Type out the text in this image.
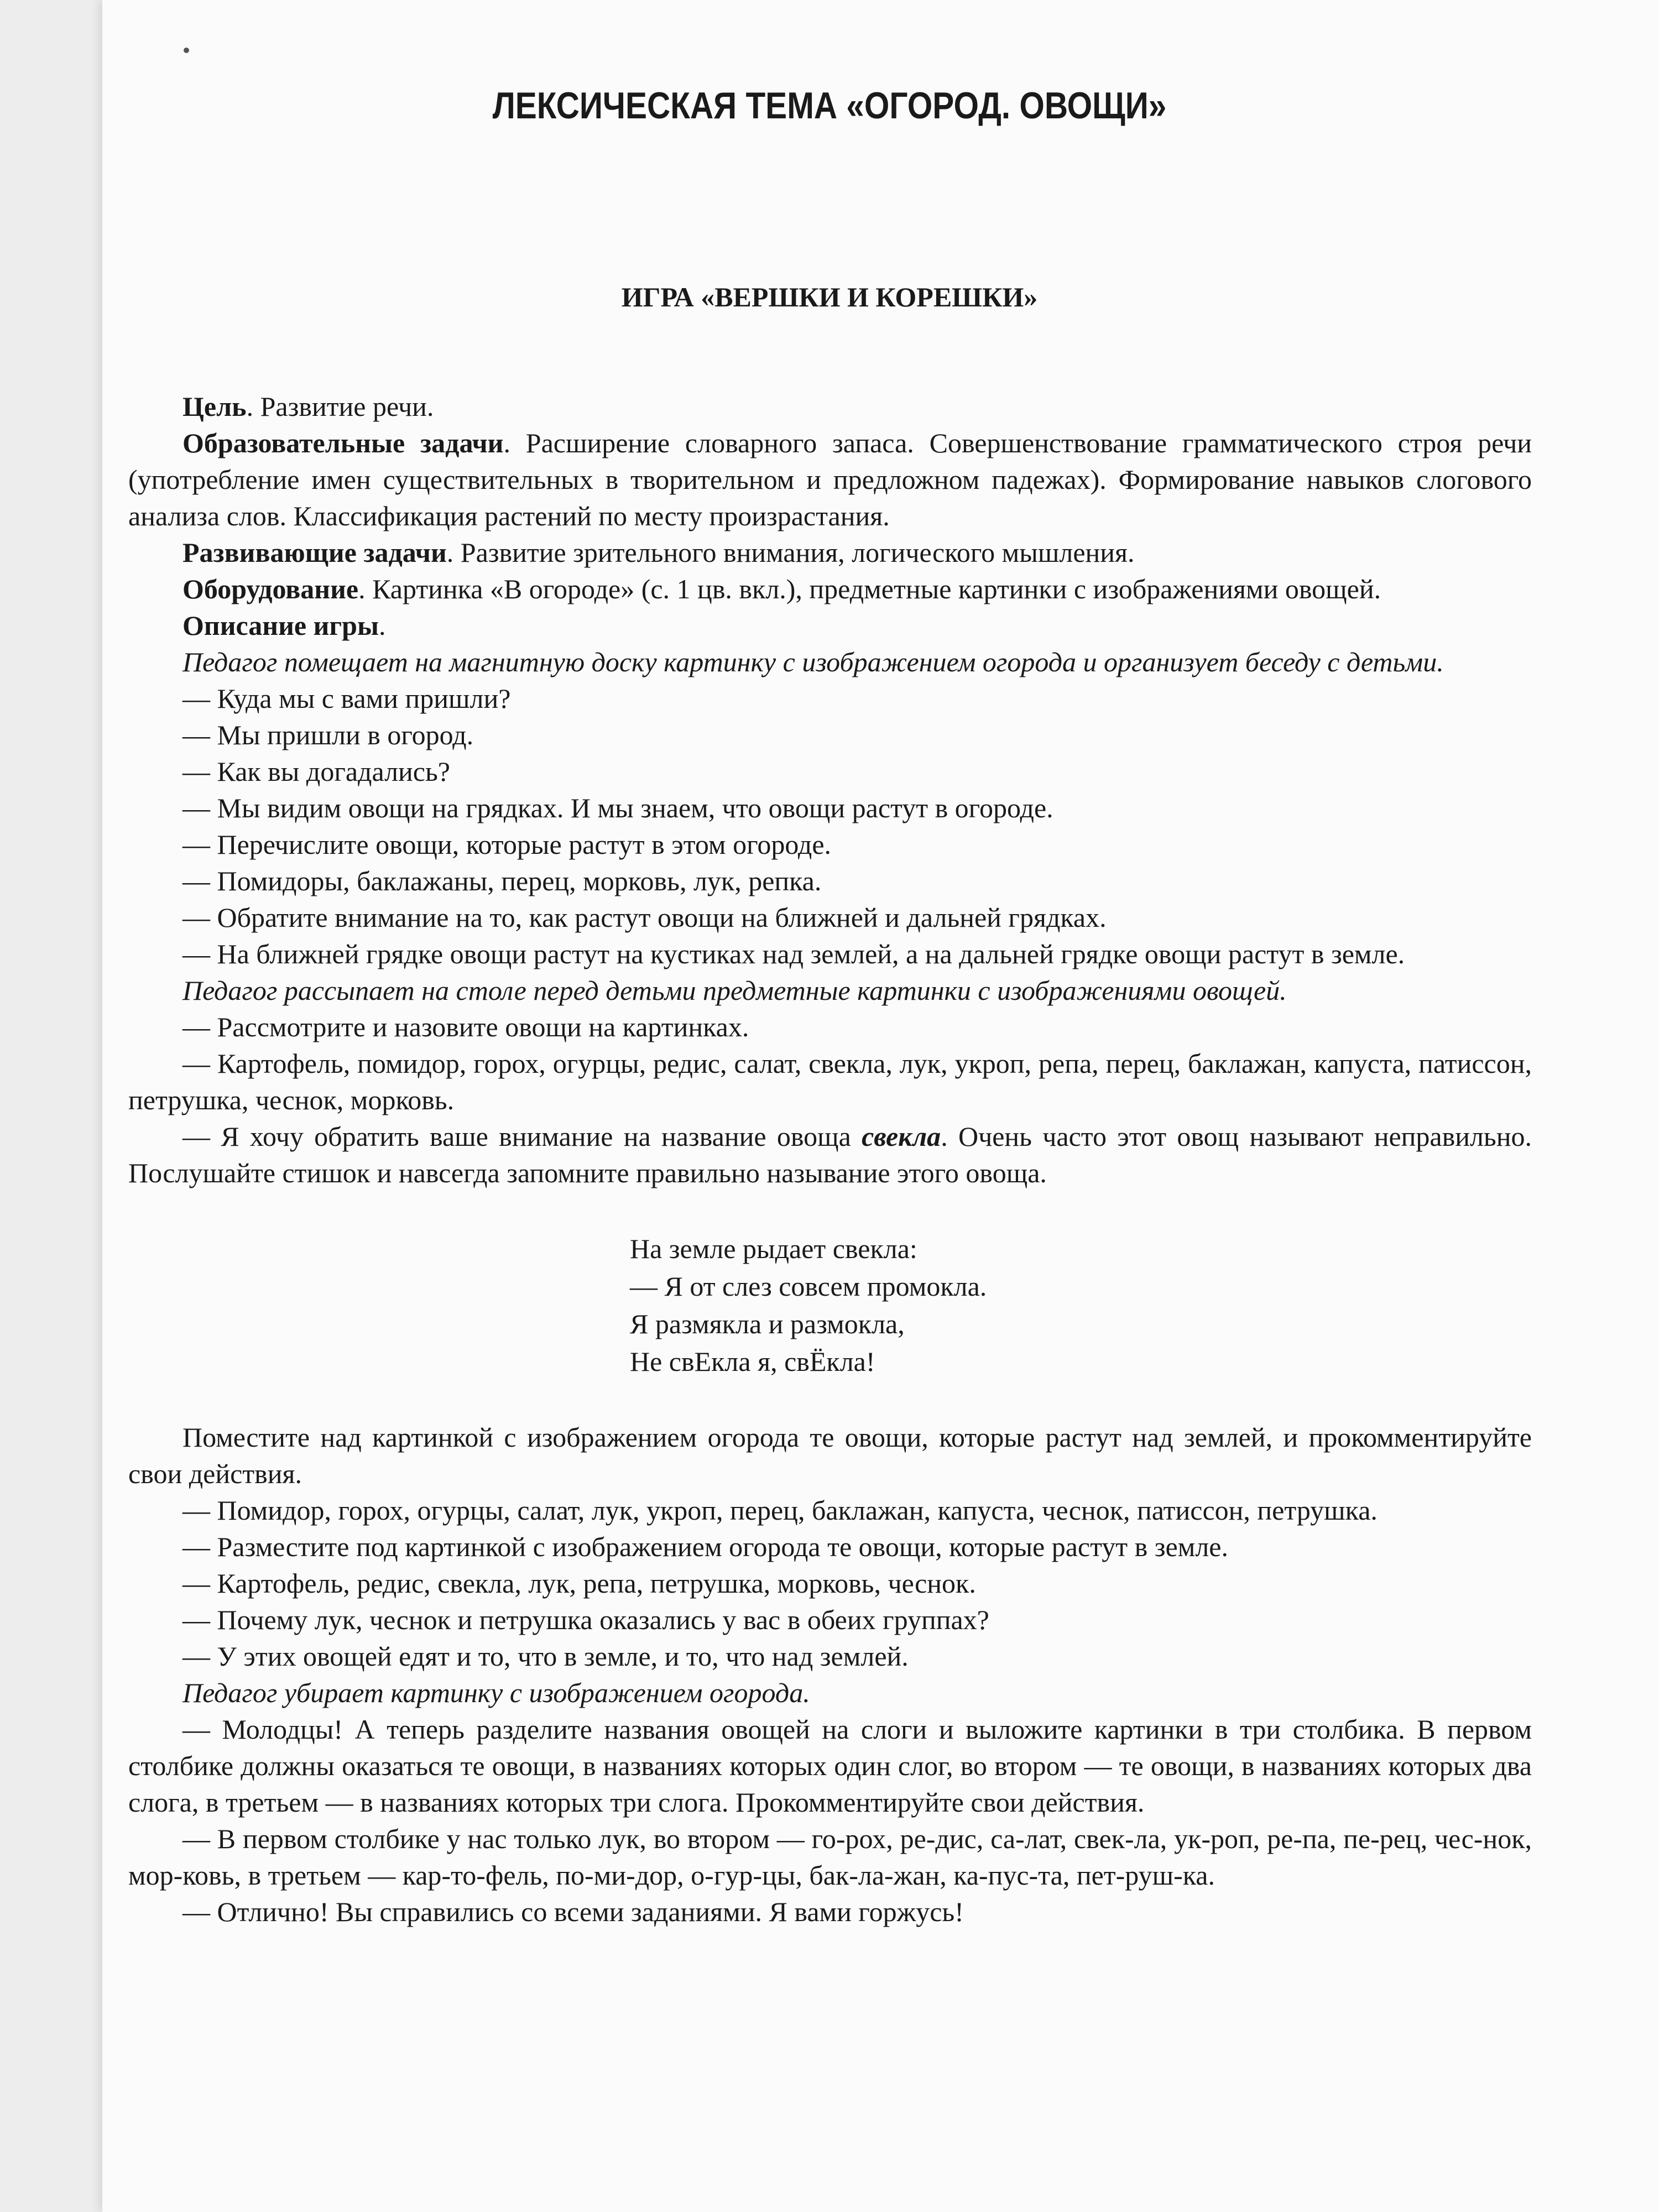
ЛЕКСИЧЕСКАЯ ТЕМА «ОГОРОД. ОВОЩИ»
ИГРА «ВЕРШКИ И КОРЕШКИ»

Цель. Развитие речи.

Образовательные задачи. Расширение словарного запаса. Совершенствование грамматического строя речи (употребление имен существительных в творительном и предложном падежах). Формирование навыков слогового анализа слов. Классификация растений по месту произрастания.

Развивающие задачи. Развитие зрительного внимания, логического мышления.

Оборудование. Картинка «В огороде» (с. 1 цв. вкл.), предметные картинки с изображениями овощей.

Описание игры.

Педагог помещает на магнитную доску картинку с изображением огорода и организует беседу с детьми.

— Куда мы с вами пришли?

— Мы пришли в огород.

— Как вы догадались?

— Мы видим овощи на грядках. И мы знаем, что овощи растут в огороде.

— Перечислите овощи, которые растут в этом огороде.

— Помидоры, баклажаны, перец, морковь, лук, репка.

— Обратите внимание на то, как растут овощи на ближней и дальней грядках.

— На ближней грядке овощи растут на кустиках над землей, а на дальней грядке овощи растут в земле.

Педагог рассыпает на столе перед детьми предметные картинки с изображениями овощей.

— Рассмотрите и назовите овощи на картинках.

— Картофель, помидор, горох, огурцы, редис, салат, свекла, лук, укроп, репа, перец, баклажан, капуста, патиссон, петрушка, чеснок, морковь.

— Я хочу обратить ваше внимание на название овоща свекла. Очень часто этот овощ называют неправильно. Послушайте стишок и навсегда запомните правильно называние этого овоща.

На земле рыдает свекла:
— Я от слез совсем промокла.
Я размякла и размокла,
Не свЕкла я, свЁкла!

Поместите над картинкой с изображением огорода те овощи, которые растут над землей, и прокомментируйте свои действия.

— Помидор, горох, огурцы, салат, лук, укроп, перец, баклажан, капуста, чеснок, патиссон, петрушка.

— Разместите под картинкой с изображением огорода те овощи, которые растут в земле.

— Картофель, редис, свекла, лук, репа, петрушка, морковь, чеснок.

— Почему лук, чеснок и петрушка оказались у вас в обеих группах?

— У этих овощей едят и то, что в земле, и то, что над землей.

Педагог убирает картинку с изображением огорода.

— Молодцы! А теперь разделите названия овощей на слоги и выложите картинки в три столбика. В первом столбике должны оказаться те овощи, в названиях которых один слог, во втором — те овощи, в названиях которых два слога, в третьем — в названиях которых три слога. Прокомментируйте свои действия.

— В первом столбике у нас только лук, во втором — го-рох, ре-дис, са-лат, свек-ла, ук-роп, ре-па, пе-рец, чес-нок, мор-ковь, в третьем — кар-то-фель, по-ми-дор, о-гур-цы, бак-ла-жан, ка-пус-та, пет-руш-ка.

— Отлично! Вы справились со всеми заданиями. Я вами горжусь!
